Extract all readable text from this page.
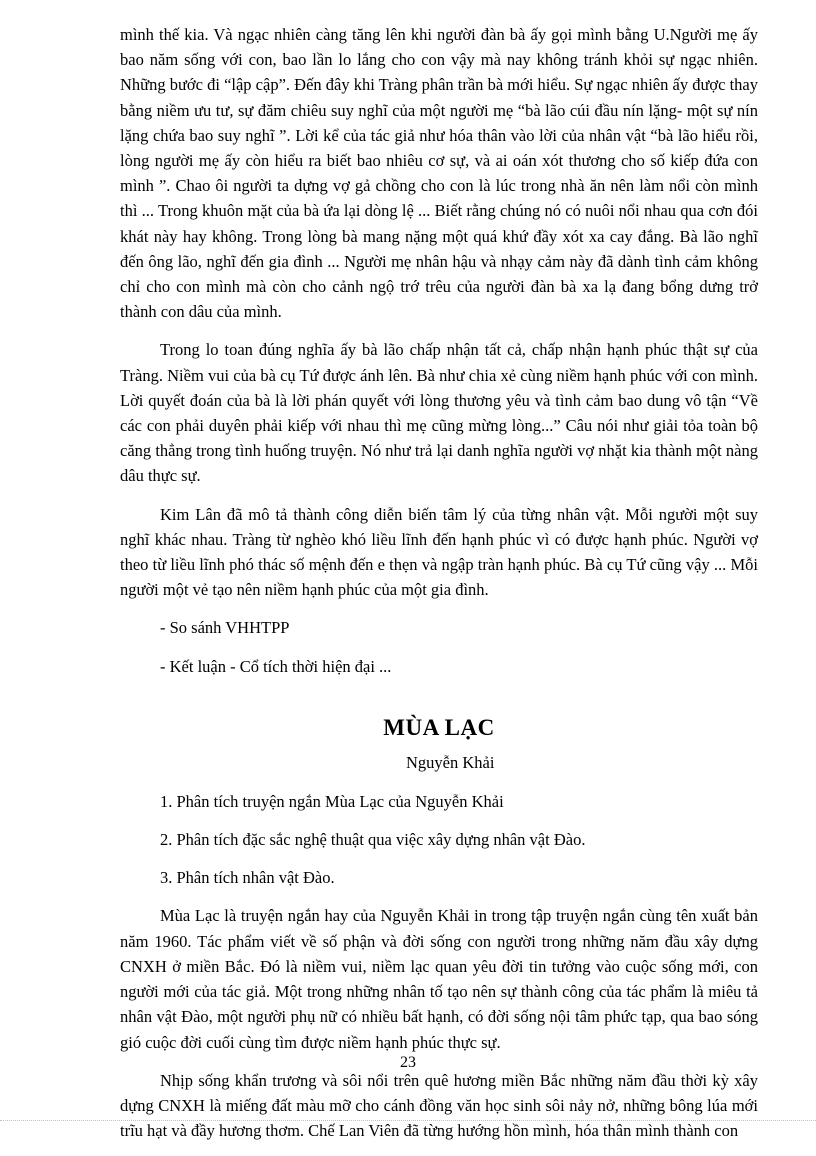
mình thế kia. Và ngạc nhiên càng tăng lên khi người đàn bà ấy gọi mình bằng U.Người mẹ ấy bao năm sống với con, bao lần lo lắng cho con vậy mà nay không tránh khỏi sự ngạc nhiên. Những bước đi “lập cập”. Đến đây khi Tràng phân trần bà mới hiểu. Sự ngạc nhiên ấy được thay bằng niềm ưu tư, sự đăm chiêu suy nghĩ của một người mẹ “bà lão cúi đầu nín lặng- một sự nín lặng chứa bao suy nghĩ ”. Lời kể của tác giả như hóa thân vào lời của nhân vật “bà lão hiểu rồi, lòng người mẹ ấy còn hiểu ra biết bao nhiêu cơ sự, và ai oán xót thương cho số kiếp đứa con mình ”. Chao ôi người ta dựng vợ gả chồng cho con là lúc trong nhà ăn nên làm nổi còn mình thì ... Trong khuôn mặt của bà ứa lại dòng lệ ... Biết rằng chúng nó có nuôi nổi nhau qua cơn đói khát này hay không. Trong lòng bà mang nặng một quá khứ đầy xót xa cay đắng. Bà lão nghĩ đến ông lão, nghĩ đến gia đình ... Người mẹ nhân hậu và nhạy cảm này đã dành tình cảm không chỉ cho con mình mà còn cho cảnh ngộ trớ trêu của người đàn bà xa lạ đang bổng dưng trở thành con dâu của mình.

Trong lo toan đúng nghĩa ấy bà lão chấp nhận tất cả, chấp nhận hạnh phúc thật sự của Tràng. Niềm vui của bà cụ Tứ được ánh lên. Bà như chia xẻ cùng niềm hạnh phúc với con mình. Lời quyết đoán của bà là lời phán quyết với lòng thương yêu và tình cảm bao dung vô tận “Về các con phải duyên phải kiếp với nhau thì mẹ cũng mừng lòng...” Câu nói như giải tỏa toàn bộ căng thẳng trong tình huống truyện. Nó như trả lại danh nghĩa người vợ nhặt kia thành một nàng dâu thực sự.

Kim Lân đã mô tả thành công diễn biến tâm lý của từng nhân vật. Mỗi người một suy nghĩ khác nhau. Tràng từ nghèo khó liều lĩnh đến hạnh phúc vì có được hạnh phúc. Người vợ theo từ liều lĩnh phó thác số mệnh đến e thẹn và ngập tràn hạnh phúc. Bà cụ Tứ cũng vậy ... Mỗi người một vẻ tạo nên niềm hạnh phúc của một gia đình.

- So sánh VHHTPP

- Kết luận - Cổ tích thời hiện đại ...

MÙA LẠC
Nguyễn Khải

1. Phân tích truyện ngắn Mùa Lạc của Nguyễn Khải

2. Phân tích đặc sắc nghệ thuật qua việc xây dựng nhân vật Đào.

3. Phân tích nhân vật Đào.

Mùa Lạc là truyện ngắn hay của Nguyễn Khải in trong tập truyện ngắn cùng tên xuất bản năm 1960. Tác phẩm viết về số phận và đời sống con người trong những năm đầu xây dựng CNXH ở miền Bắc. Đó là niềm vui, niềm lạc quan yêu đời tin tưởng vào cuộc sống mới, con người mới của tác giả. Một trong những nhân tố tạo nên sự thành công của tác phẩm là miêu tả nhân vật Đào, một người phụ nữ có nhiều bất hạnh, có đời sống nội tâm phức tạp, qua bao sóng gió cuộc đời cuối cùng tìm được niềm hạnh phúc thực sự.

Nhịp sống khẩn trương và sôi nổi trên quê hương miền Bắc những năm đầu thời kỳ xây dựng CNXH là miếng đất màu mỡ cho cánh đồng văn học sinh sôi nảy nở, những bông lúa mới trĩu hạt và đầy hương thơm. Chế Lan Viên đã từng hướng hồn mình, hóa thân mình thành con

23
